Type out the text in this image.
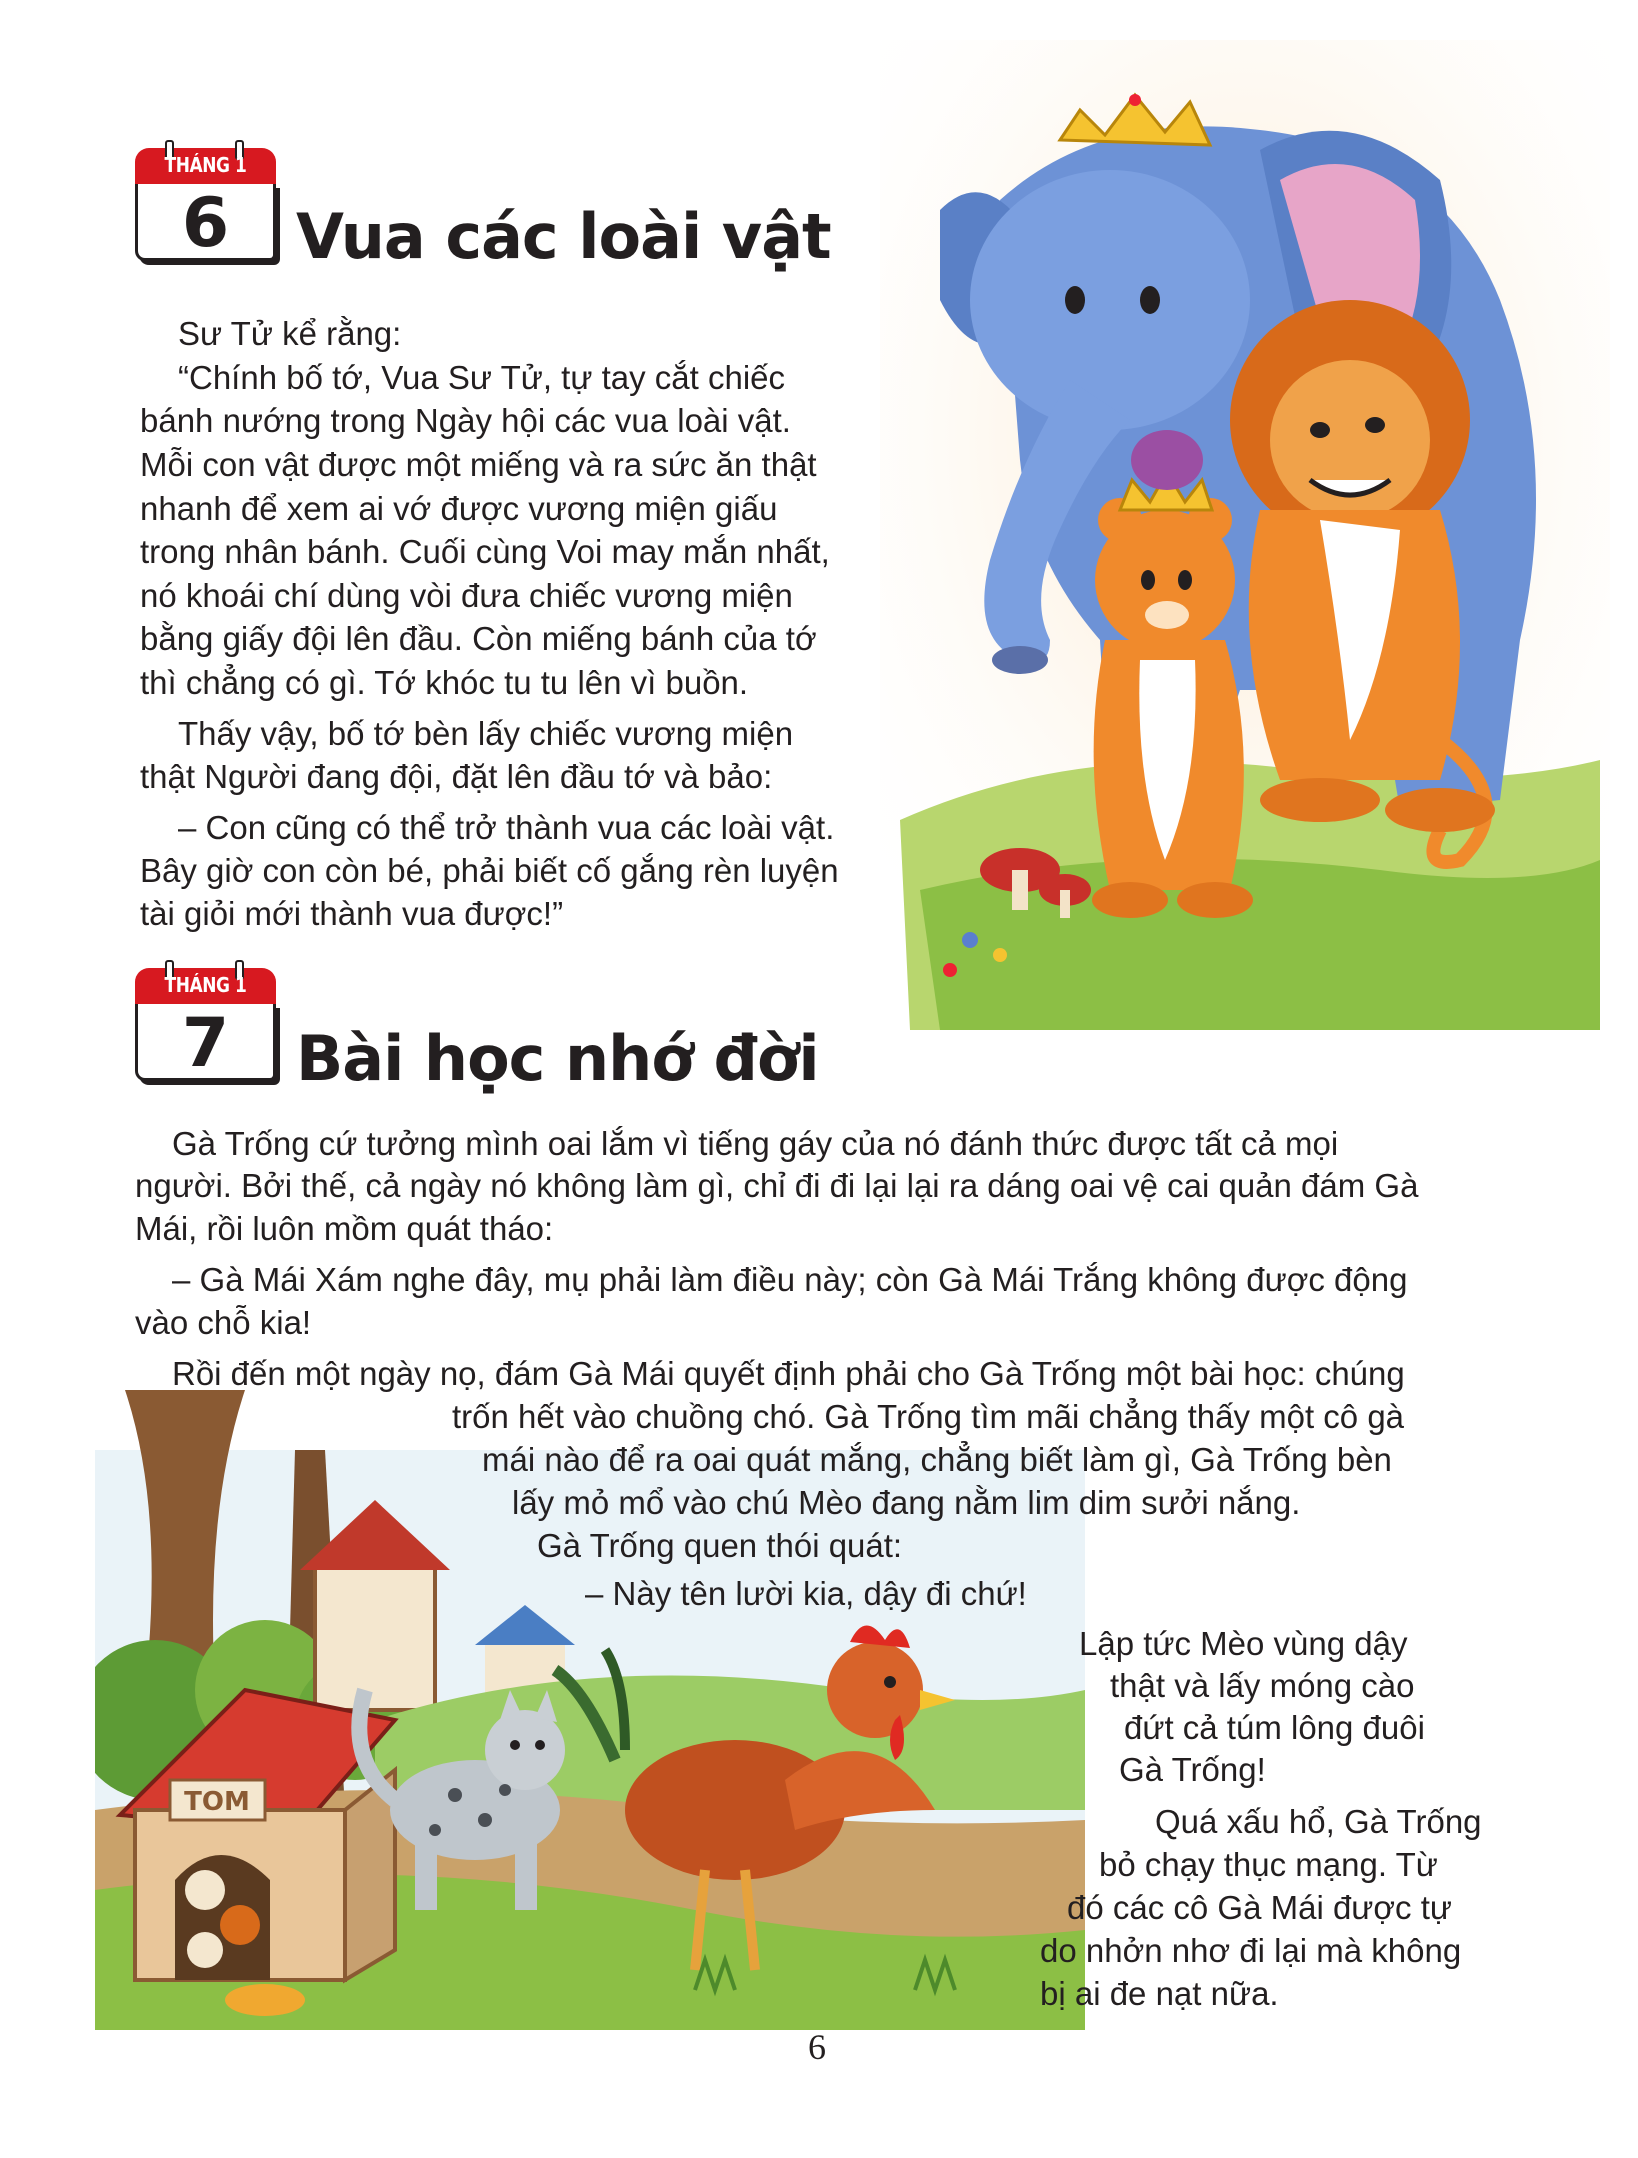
THÁNG 1
6	Vua các loài vật
Sư Tử kể rằng:
“Chính bố tớ, Vua Sư Tử, tự tay cắt chiếc
bánh nướng trong Ngày hội các vua loài vật.
Mỗi con vật được một miếng và ra sức ăn thật
nhanh để xem ai vớ được vương miện giấu
trong nhân bánh. Cuối cùng Voi may mắn nhất,
nó khoái chí dùng vòi đưa chiếc vương miện
bằng giấy đội lên đầu. Còn miếng bánh của tớ
thì chẳng có gì. Tớ khóc tu tu lên vì buồn.
Thấy vậy, bố tớ bèn lấy chiếc vương miện
thật Người đang đội, đặt lên đầu tớ và bảo:
– Con cũng có thể trở thành vua các loài vật.
Bây giờ con còn bé, phải biết cố gắng rèn luyện
tài giỏi mới thành vua được!”
THÁNG 1
7	Bài học nhớ đời
TOM
Gà Trống cứ tưởng mình oai lắm vì tiếng gáy của nó đánh thức được tất cả mọi
người. Bởi thế, cả ngày nó không làm gì, chỉ đi đi lại lại ra dáng oai vệ cai quản đám Gà
Mái, rồi luôn mồm quát tháo:
– Gà Mái Xám nghe đây, mụ phải làm điều này; còn Gà Mái Trắng không được động
vào chỗ kia!
Rồi đến một ngày nọ, đám Gà Mái quyết định phải cho Gà Trống một bài học: chúng
trốn hết vào chuồng chó. Gà Trống tìm mãi chẳng thấy một cô gà
mái nào để ra oai quát mắng, chẳng biết làm gì, Gà Trống bèn
lấy mỏ mổ vào chú Mèo đang nằm lim dim sưởi nắng.
Gà Trống quen thói quát:
– Này tên lười kia, dậy đi chứ!
Lập tức Mèo vùng dậy
thật và lấy móng cào
đứt cả túm lông đuôi
Gà Trống!
Quá xấu hổ, Gà Trống
bỏ chạy thục mạng. Từ
đó các cô Gà Mái được tự
do nhởn nhơ đi lại mà không
bị ai đe nạt nữa.
6
